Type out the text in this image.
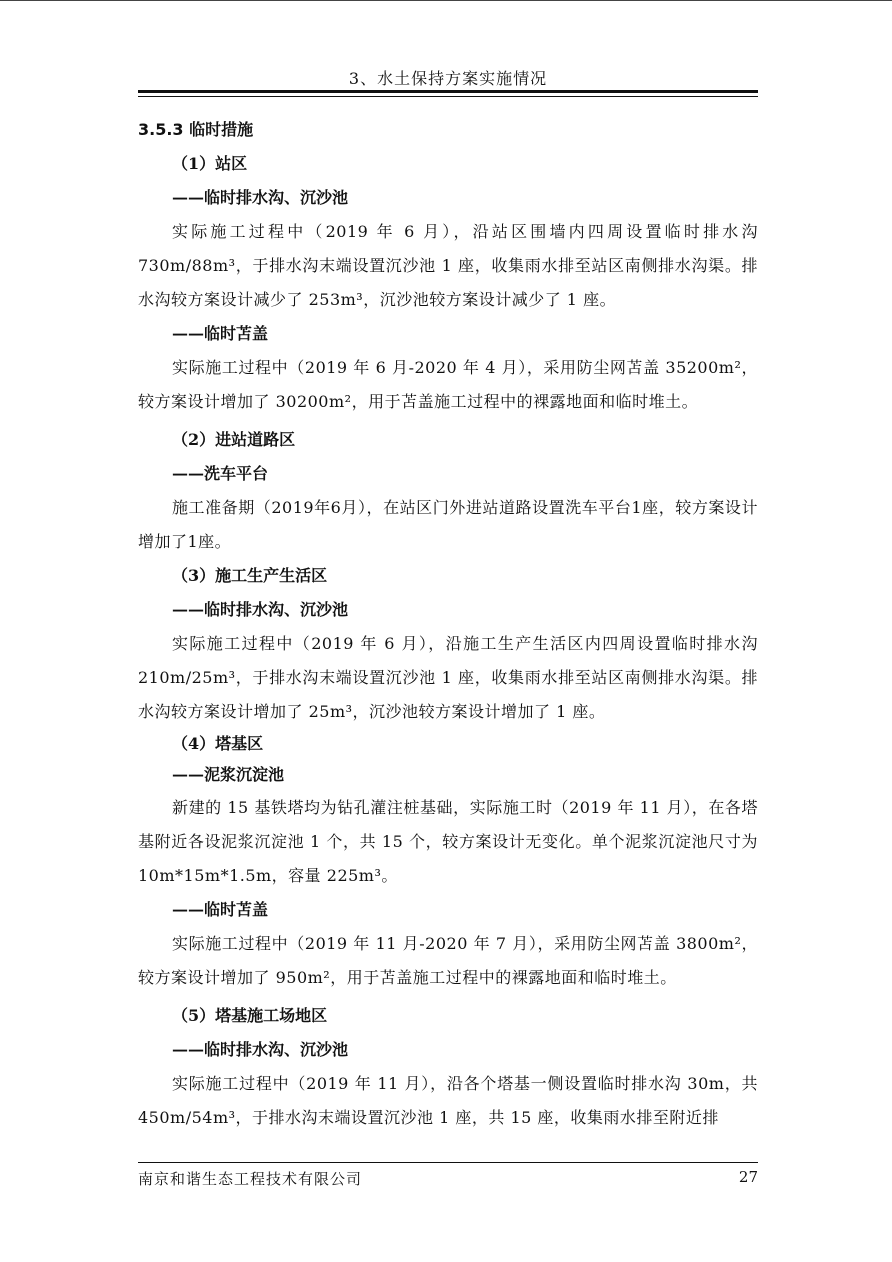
3、水土保持方案实施情况
3.5.3 临时措施
（1）站区
——临时排水沟、沉沙池

实际施工过程中（2019 年 6 月），沿站区围墙内四周设置临时排水沟 730m/88m³，于排水沟末端设置沉沙池 1 座，收集雨水排至站区南侧排水沟渠。排水沟较方案设计减少了 253m³，沉沙池较方案设计减少了 1 座。

——临时苫盖

实际施工过程中（2019 年 6 月-2020 年 4 月），采用防尘网苫盖 35200m²，较方案设计增加了 30200m²，用于苫盖施工过程中的裸露地面和临时堆土。

（2）进站道路区
——洗车平台

施工准备期（2019年6月），在站区门外进站道路设置洗车平台1座，较方案设计增加了1座。

（3）施工生产生活区
——临时排水沟、沉沙池

实际施工过程中（2019 年 6 月），沿施工生产生活区内四周设置临时排水沟 210m/25m³，于排水沟末端设置沉沙池 1 座，收集雨水排至站区南侧排水沟渠。排水沟较方案设计增加了 25m³，沉沙池较方案设计增加了 1 座。

（4）塔基区
——泥浆沉淀池

新建的 15 基铁塔均为钻孔灌注桩基础，实际施工时（2019 年 11 月），在各塔基附近各设泥浆沉淀池 1 个，共 15 个，较方案设计无变化。单个泥浆沉淀池尺寸为 10m*15m*1.5m，容量 225m³。

——临时苫盖

实际施工过程中（2019 年 11 月-2020 年 7 月），采用防尘网苫盖 3800m²，较方案设计增加了 950m²，用于苫盖施工过程中的裸露地面和临时堆土。

（5）塔基施工场地区
——临时排水沟、沉沙池

实际施工过程中（2019 年 11 月），沿各个塔基一侧设置临时排水沟 30m，共 450m/54m³，于排水沟末端设置沉沙池 1 座，共 15 座，收集雨水排至附近排

南京和谐生态工程技术有限公司	27
